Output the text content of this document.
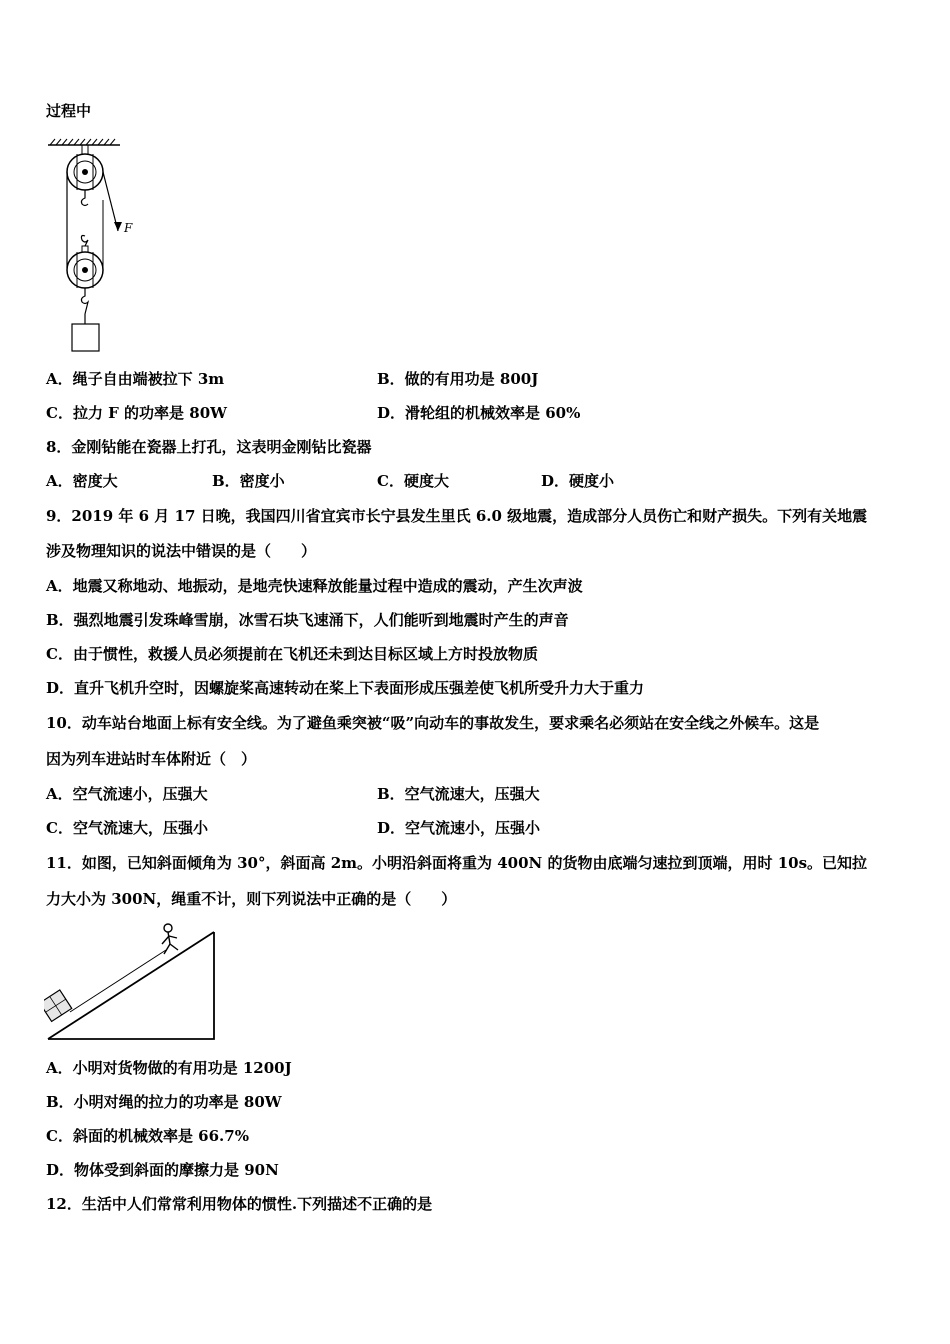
过程中
F
A．绳子自由端被拉下 3m	B．做的有用功是 800J
C．拉力 F 的功率是 80W	D．滑轮组的机械效率是 60%
8．金刚钻能在瓷器上打孔，这表明金刚钻比瓷器
A．密度大	B．密度小	C．硬度大	D．硬度小
9．2019 年 6 月 17 日晚，我国四川省宜宾市长宁县发生里氏 6.0 级地震，造成部分人员伤亡和财产损失。下列有关地震
涉及物理知识的说法中错误的是（　　）
A．地震又称地动、地振动，是地壳快速释放能量过程中造成的震动，产生次声波
B．强烈地震引发珠峰雪崩，冰雪石块飞速涌下，人们能听到地震时产生的声音
C．由于惯性，救援人员必须提前在飞机还未到达目标区域上方时投放物质
D．直升飞机升空时，因螺旋桨高速转动在桨上下表面形成压强差使飞机所受升力大于重力
10．动车站台地面上标有安全线。为了避鱼乘突被“吸”向动车的事故发生，要求乘名必须站在安全线之外候车。这是
因为列车进站时车体附近（　）
A．空气流速小，压强大	B．空气流速大，压强大
C．空气流速大，压强小	D．空气流速小，压强小
11．如图，已知斜面倾角为 30°，斜面高 2m。小明沿斜面将重为 400N 的货物由底端匀速拉到顶端，用时 10s。已知拉
力大小为 300N，绳重不计，则下列说法中正确的是（　　）
A．小明对货物做的有用功是 1200J
B．小明对绳的拉力的功率是 80W
C．斜面的机械效率是 66.7%
D．物体受到斜面的摩擦力是 90N
12．生活中人们常常利用物体的惯性.下列描述不正确的是
